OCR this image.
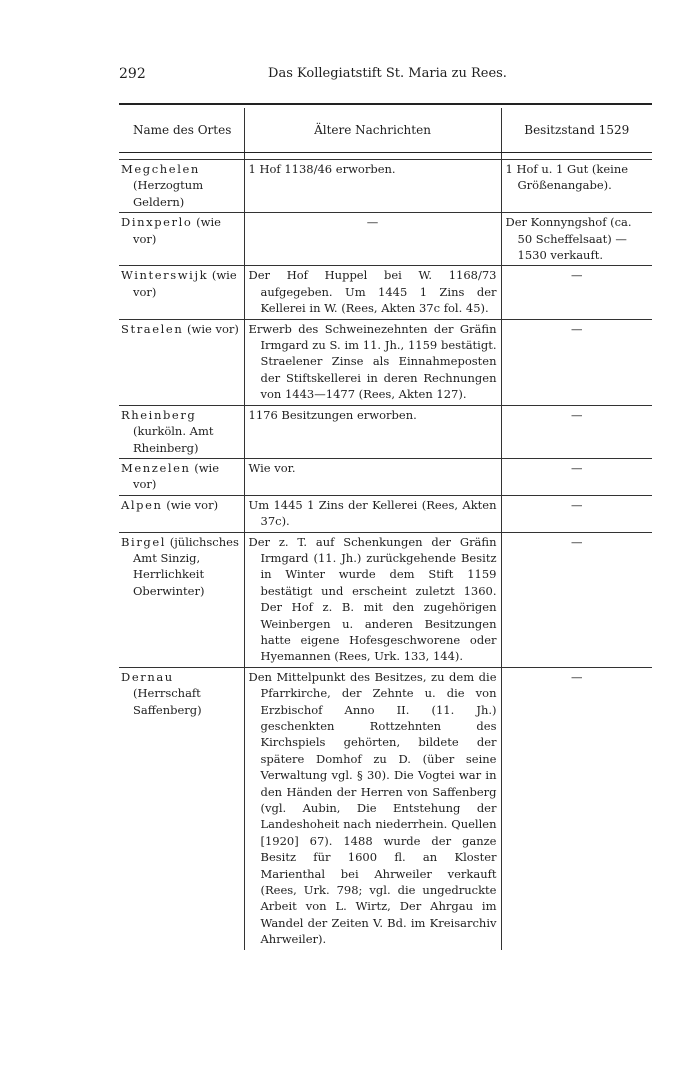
292	Das Kollegiatstift St. Maria zu Rees.
Name des Ortes	Ältere Nachrichten	Besitzstand 1529

Megchelen (Herzogtum Geldern)	1 Hof 1138/46 erworben.	1 Hof u. 1 Gut (keine Größenangabe).

Dinxperlo (wie vor)	—	Der Konnyngshof (ca. 50 Scheffelsaat) — 1530 verkauft.

Winterswijk (wie vor)	Der Hof Huppel bei W. 1168/73 aufgegeben. Um 1445 1 Zins der Kellerei in W. (Rees, Akten 37c fol. 45).	—

Straelen (wie vor)	Erwerb des Schweinezehnten der Gräfin Irmgard zu S. im 11. Jh., 1159 bestätigt. Straelener Zinse als Einnahmeposten der Stiftskellerei in deren Rechnungen von 1443—1477 (Rees, Akten 127).	—

Rheinberg (kurköln. Amt Rheinberg)	1176 Besitzungen erworben.	—

Menzelen (wie vor)	Wie vor.	—

Alpen (wie vor)	Um 1445 1 Zins der Kellerei (Rees, Akten 37c).	—

Birgel (jülichsches Amt Sinzig, Herrlichkeit Oberwinter)	Der z. T. auf Schenkungen der Gräfin Irmgard (11. Jh.) zurückgehende Besitz in Winter wurde dem Stift 1159 bestätigt und erscheint zuletzt 1360. Der Hof z. B. mit den zugehörigen Weinbergen u. anderen Besitzungen hatte eigene Hofesgeschworene oder Hyemannen (Rees, Urk. 133, 144).	—

Dernau (Herrschaft Saffenberg)	Den Mittelpunkt des Besitzes, zu dem die Pfarrkirche, der Zehnte u. die von Erzbischof Anno II. (11. Jh.) geschenkten Rottzehnten des Kirchspiels gehörten, bildete der spätere Domhof zu D. (über seine Verwaltung vgl. § 30). Die Vogtei war in den Händen der Herren von Saffenberg (vgl. Aubin, Die Entstehung der Landeshoheit nach niederrhein. Quellen [1920] 67). 1488 wurde der ganze Besitz für 1600 fl. an Kloster Marienthal bei Ahrweiler verkauft (Rees, Urk. 798; vgl. die ungedruckte Arbeit von L. Wirtz, Der Ahrgau im Wandel der Zeiten V. Bd. im Kreisarchiv Ahrweiler).	—
